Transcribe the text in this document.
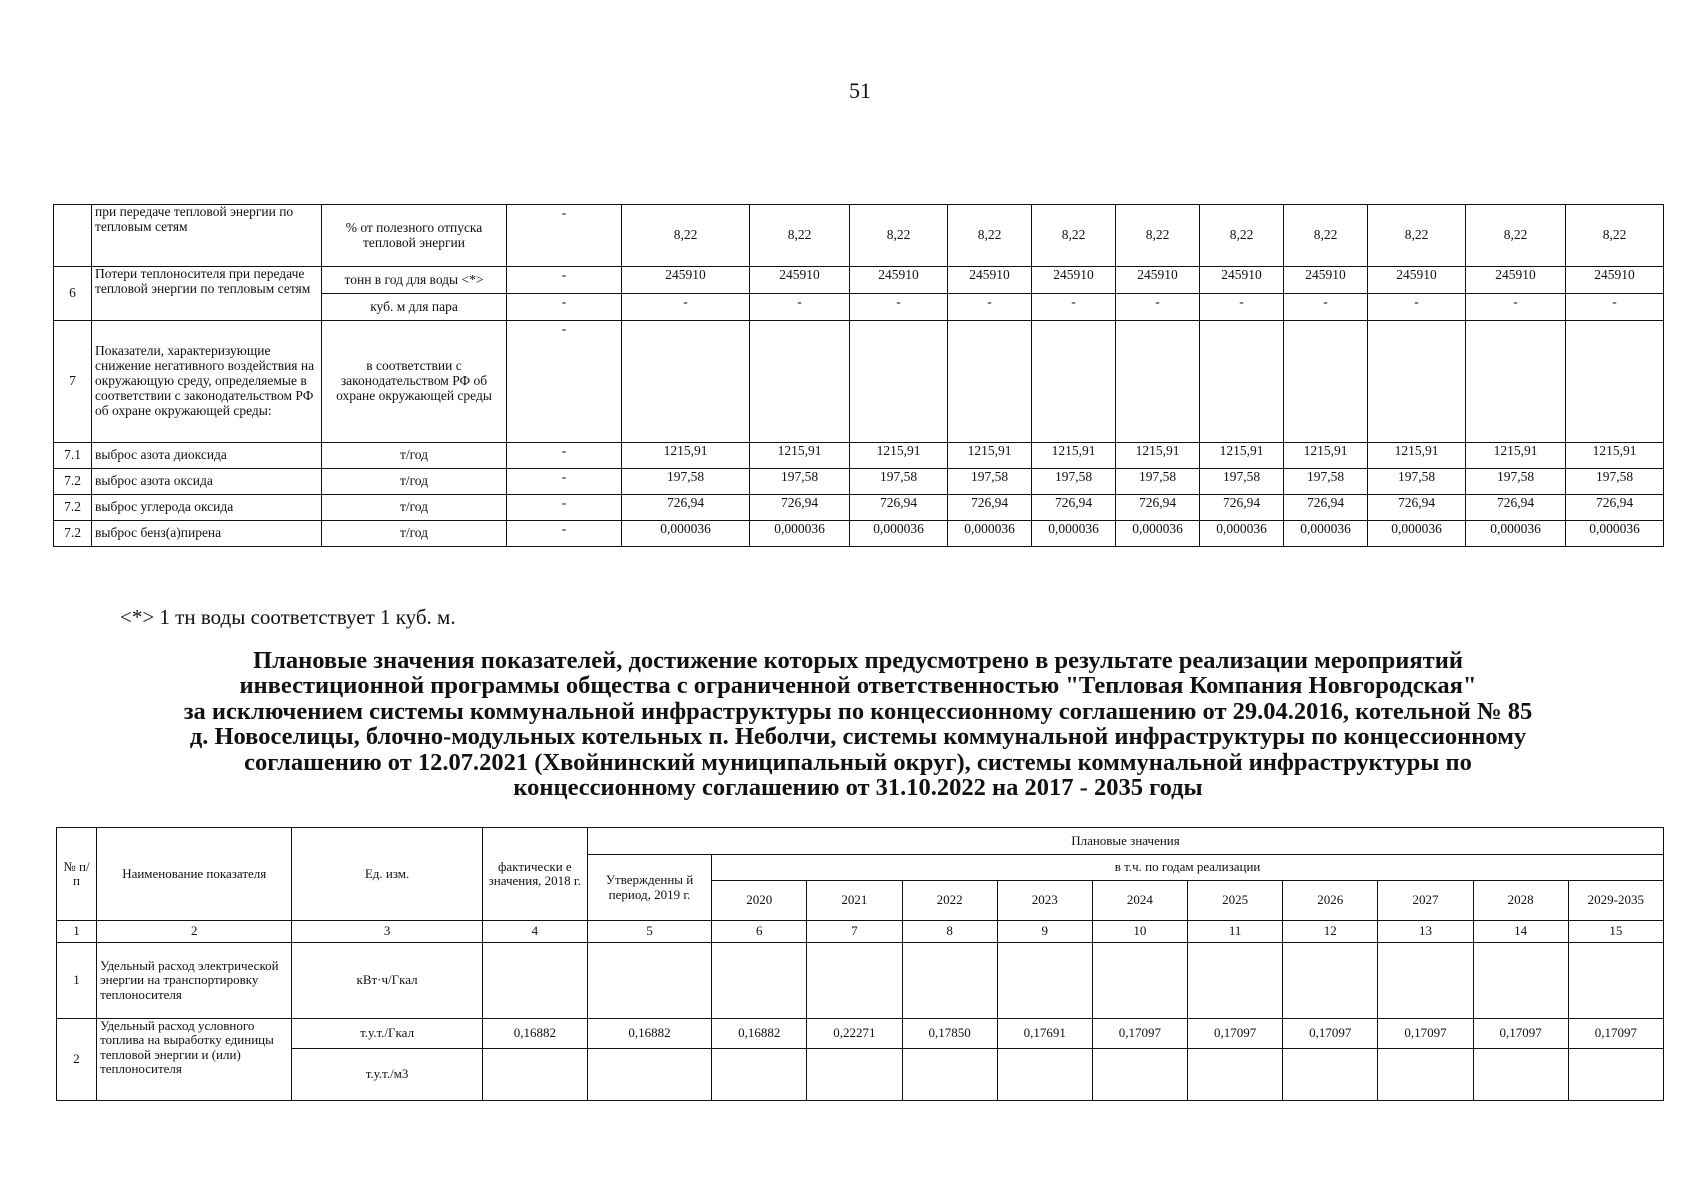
51
	при передаче тепловой энергии по тепловым сетям	% от полезного отпуска тепловой энергии	-	8,22	8,22	8,22	8,22	8,22	8,22	8,22	8,22	8,22	8,22	8,22
6	Потери теплоносителя при передаче тепловой энергии по тепловым сетям	тонн в год для воды <*>	-	245910	245910	245910	245910	245910	245910	245910	245910	245910	245910	245910
		куб. м для пара	-	-	-	-	-	-	-	-	-	-	-	-
7	Показатели, характеризующие снижение негативного воздействия на окружающую среду, определяемые в соответствии с законодательством РФ об охране окружающей среды:	в соответствии с законодательством РФ об охране окружающей среды	-											
7.1	выброс азота диоксида	т/год	-	1215,91	1215,91	1215,91	1215,91	1215,91	1215,91	1215,91	1215,91	1215,91	1215,91	1215,91
7.2	выброс азота оксида	т/год	-	197,58	197,58	197,58	197,58	197,58	197,58	197,58	197,58	197,58	197,58	197,58
7.2	выброс углерода оксида	т/год	-	726,94	726,94	726,94	726,94	726,94	726,94	726,94	726,94	726,94	726,94	726,94
7.2	выброс бенз(а)пирена	т/год	-	0,000036	0,000036	0,000036	0,000036	0,000036	0,000036	0,000036	0,000036	0,000036	0,000036	0,000036
<*> 1 тн воды соответствует 1 куб. м.
Плановые значения показателей, достижение которых предусмотрено в результате реализации мероприятий
инвестиционной программы общества с ограниченной ответственностью "Тепловая Компания Новгородская"
за исключением системы коммунальной инфраструктуры по концессионному соглашению от 29.04.2016, котельной № 85
д. Новоселицы, блочно-модульных котельных п. Неболчи, системы коммунальной инфраструктуры по концессионному
соглашению от 12.07.2021 (Хвойнинский муниципальный округ), системы коммунальной инфраструктуры по
концессионному соглашению от 31.10.2022 на 2017 - 2035 годы
№ п/ п	Наименование показателя	Ед. изм.	фактически е значения, 2018 г.	Плановые значения										
				Утвержденны й период, 2019 г.	в т.ч. по годам реализации									
					2020	2021	2022	2023	2024	2025	2026	2027	2028	2029-2035
1	2	3	4	5	6	7	8	9	10	11	12	13	14	15
1	Удельный расход электрической энергии на транспортировку теплоносителя	кВт·ч/Гкал												
2	Удельный расход условного топлива на выработку единицы тепловой энергии и (или) теплоносителя	т.у.т./Гкал	0,16882	0,16882	0,16882	0,22271	0,17850	0,17691	0,17097	0,17097	0,17097	0,17097	0,17097	0,17097
		т.у.т./м3												
